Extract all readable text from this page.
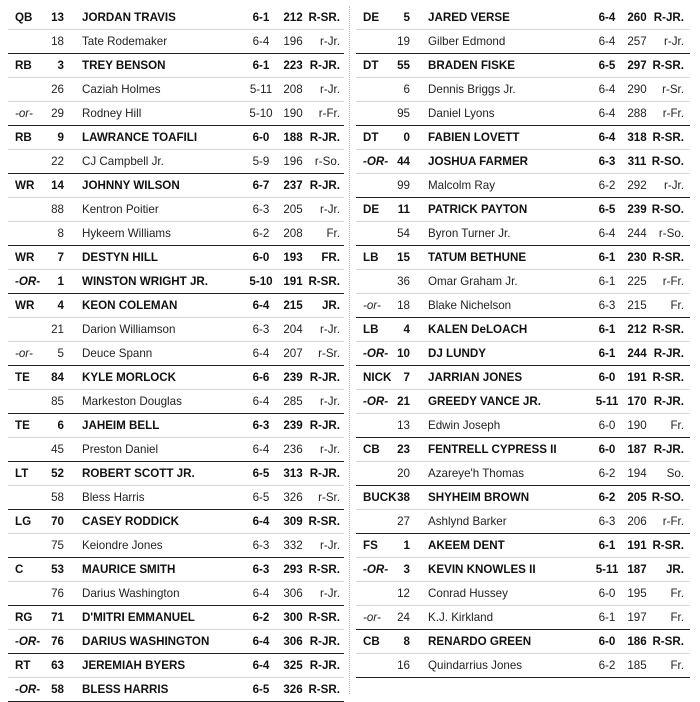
QB	13 JORDAN TRAVIS	6-1	212 R-SR.
18 Tate Rodemaker	6-4	196	r-Jr.
RB	3 TREY BENSON	6-1	223 R-JR.
26 Caziah Holmes	5-11 208	r-Jr.
-or-	29 Rodney Hill	5-10 190	r-Fr.
RB	9 LAWRANCE TOAFILI	6-0	188 R-JR.
22 CJ Campbell Jr.	5-9	196	r-So.
WR	14 JOHNNY WILSON	6-7	237 R-JR.
88 Kentron Poitier	6-3	205	r-Jr.
8 Hykeem Williams	6-2	208	Fr.
WR	7 DESTYN HILL	6-0	193	FR.
-OR-	1 WINSTON WRIGHT JR.	5-10 191 R-SR.
WR	4 KEON COLEMAN	6-4	215	JR.
21 Darion Williamson	6-3	204	r-Jr.
-or-	5 Deuce Spann	6-4	207	r-Sr.
TE	84 KYLE MORLOCK	6-6	239 R-JR.
85 Markeston Douglas	6-4	285	r-Jr.
TE	6 JAHEIM BELL	6-3	239 R-JR.
45 Preston Daniel	6-4	236	r-Jr.
LT	52 ROBERT SCOTT JR.	6-5	313 R-JR.
58 Bless Harris	6-5	326	r-Sr.
LG	70 CASEY RODDICK	6-4	309 R-SR.
75 Keiondre Jones	6-3	332	r-Jr.
C	53 MAURICE SMITH	6-3	293 R-SR.
76 Darius Washington	6-4	306	r-Jr.
RG	71 D'MITRI EMMANUEL	6-2	300 R-SR.
-OR- 76 DARIUS WASHINGTON	6-4	306 R-JR.
RT	63 JEREMIAH BYERS	6-4	325 R-JR.
-OR- 58 BLESS HARRIS	6-5	326 R-SR.
DE	5 JARED VERSE	6-4	260 R-JR.
19 Gilber Edmond	6-4	257	r-Jr.
DT	55 BRADEN FISKE	6-5	297 R-SR.
6 Dennis Briggs Jr.	6-4	290	r-Sr.
95 Daniel Lyons	6-4	288	r-Fr.
DT	0 FABIEN LOVETT	6-4	318 R-SR.
-OR- 44 JOSHUA FARMER	6-3	311 R-SO.
99 Malcolm Ray	6-2	292	r-Jr.
DE	11 PATRICK PAYTON	6-5	239 R-SO.
54 Byron Turner Jr.	6-4	244	r-So.
LB	15 TATUM BETHUNE	6-1	230 R-SR.
36 Omar Graham Jr.	6-1	225	r-Fr.
-or-	18 Blake Nichelson	6-3	215	Fr.
LB	4 KALEN DeLOACH	6-1	212 R-SR.
-OR- 10 DJ LUNDY	6-1	244 R-JR.
NICK	7 JARRIAN JONES	6-0	191 R-SR.
-OR- 21 GREEDY VANCE JR.	5-11 170 R-JR.
13 Edwin Joseph	6-0	190	Fr.
CB	23 FENTRELL CYPRESS II	6-0	187 R-JR.
20 Azareye'h Thomas	6-2	194	So.
BUCK 38 SHYHEIM BROWN	6-2	205 R-SO.
27 Ashlynd Barker	6-3	206	r-Fr.
FS	1 AKEEM DENT	6-1	191 R-SR.
-OR-	3 KEVIN KNOWLES II	5-11 187	JR.
12 Conrad Hussey	6-0	195	Fr.
-or-	24 K.J. Kirkland	6-1	197	Fr.
CB	8 RENARDO GREEN	6-0	186 R-SR.
16 Quindarrius Jones	6-2	185	Fr.
